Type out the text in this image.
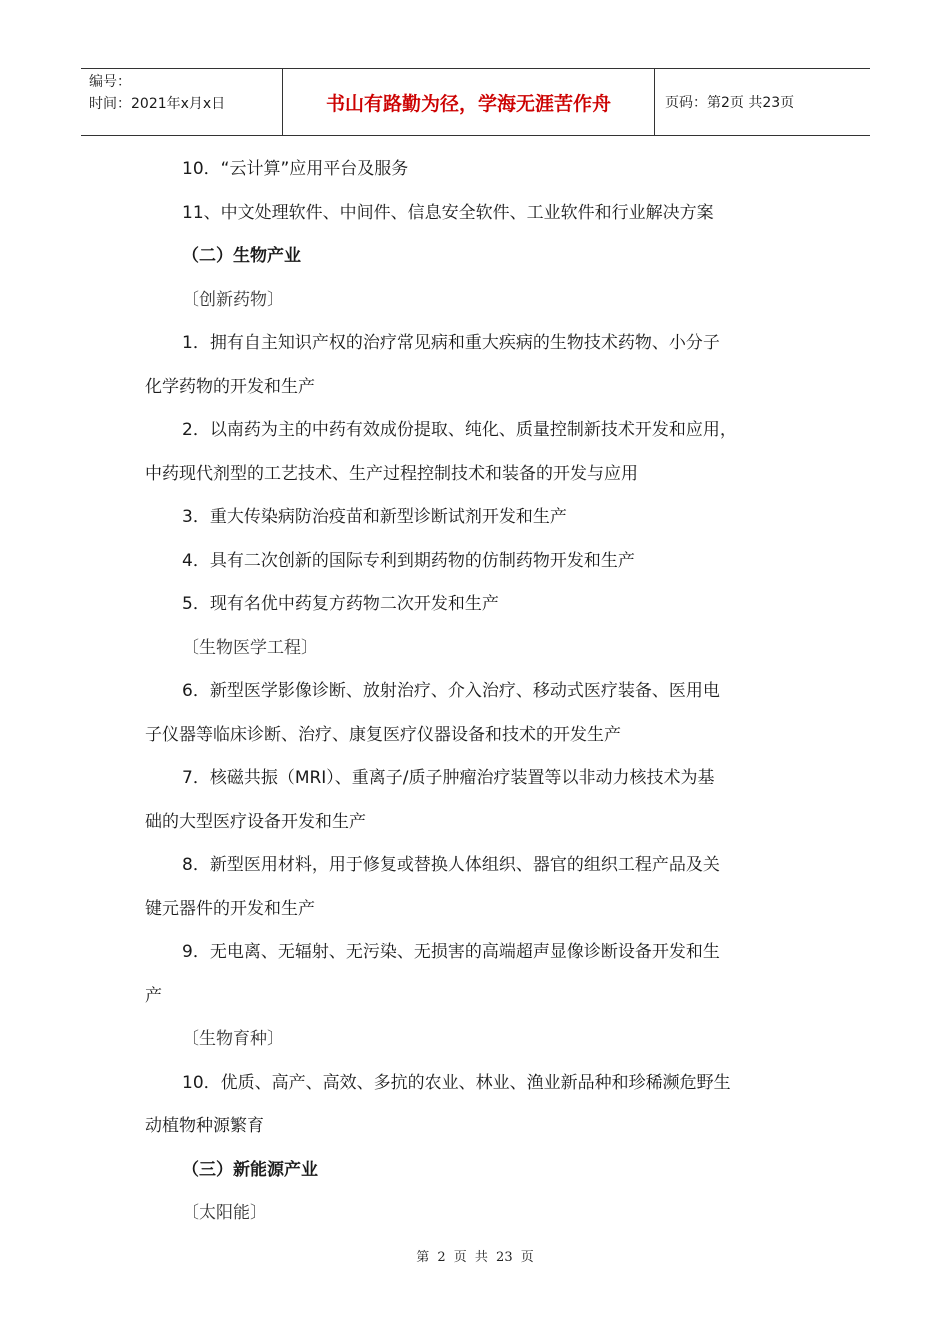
编号：
时间：2021年x月x日	书山有路勤为径，学海无涯苦作舟	页码：第2页 共23页

10．“云计算”应用平台及服务

11、中文处理软件、中间件、信息安全软件、工业软件和行业解决方案

（二）生物产业

〔创新药物〕

1．拥有自主知识产权的治疗常见病和重大疾病的生物技术药物、小分子

化学药物的开发和生产

2．以南药为主的中药有效成份提取、纯化、质量控制新技术开发和应用，

中药现代剂型的工艺技术、生产过程控制技术和装备的开发与应用

3．重大传染病防治疫苗和新型诊断试剂开发和生产

4．具有二次创新的国际专利到期药物的仿制药物开发和生产

5．现有名优中药复方药物二次开发和生产

〔生物医学工程〕

6．新型医学影像诊断、放射治疗、介入治疗、移动式医疗装备、医用电

子仪器等临床诊断、治疗、康复医疗仪器设备和技术的开发生产

7．核磁共振（MRI）、重离子/质子肿瘤治疗装置等以非动力核技术为基

础的大型医疗设备开发和生产

8．新型医用材料，用于修复或替换人体组织、器官的组织工程产品及关

键元器件的开发和生产

9．无电离、无辐射、无污染、无损害的高端超声显像诊断设备开发和生

产

〔生物育种〕

10．优质、高产、高效、多抗的农业、林业、渔业新品种和珍稀濒危野生

动植物种源繁育

（三）新能源产业

〔太阳能〕

第 2 页 共 23 页
